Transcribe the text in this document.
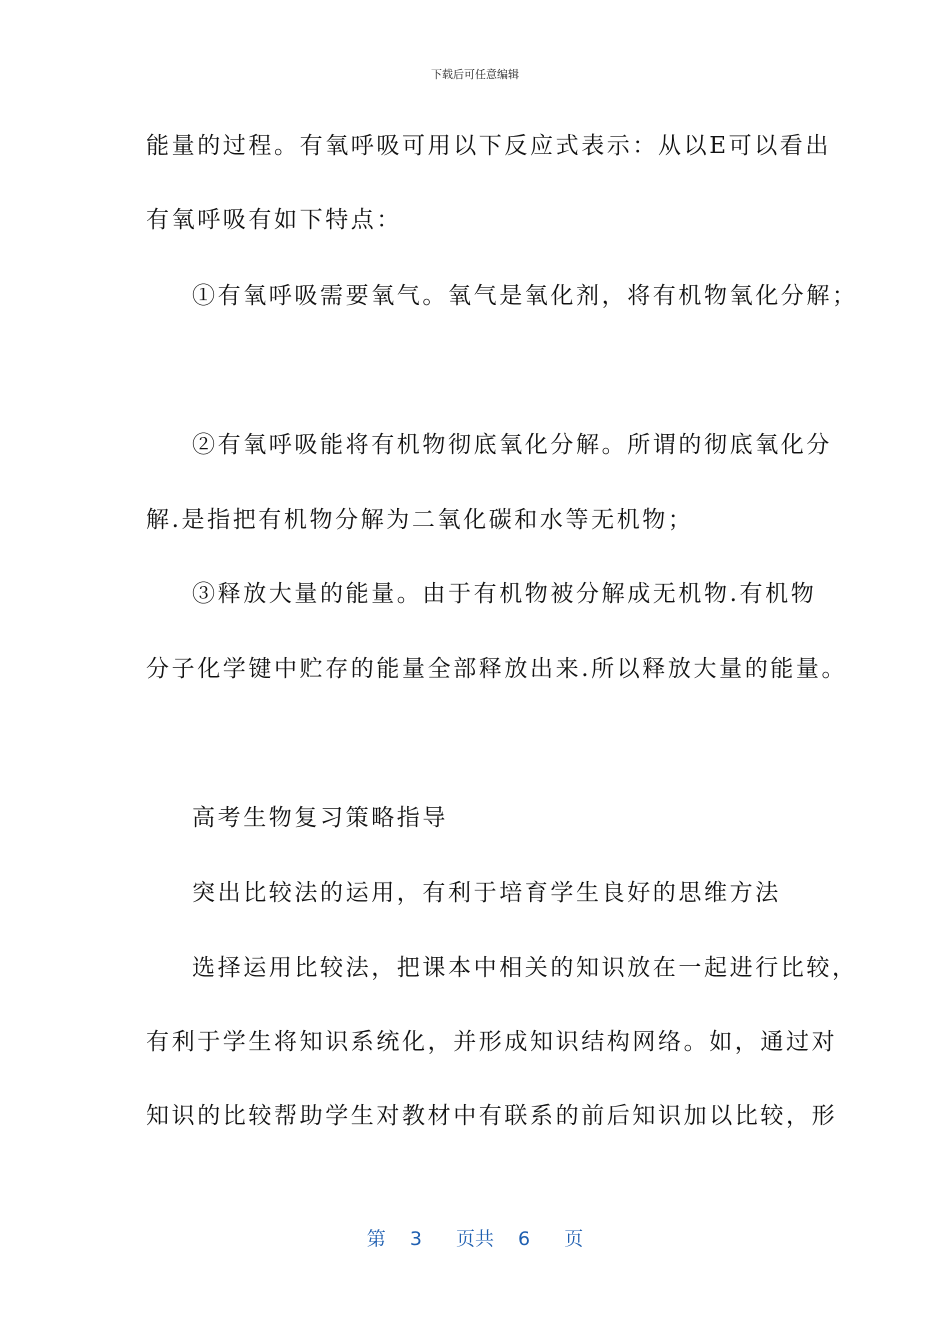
下载后可任意编辑
能量的过程。有氧呼吸可用以下反应式表示：从以E可以看出
有氧呼吸有如下特点：
①有氧呼吸需要氧气。氧气是氧化剂，将有机物氧化分解；
②有氧呼吸能将有机物彻底氧化分解。所谓的彻底氧化分
解.是指把有机物分解为二氧化碳和水等无机物；
③释放大量的能量。由于有机物被分解成无机物.有机物
分子化学键中贮存的能量全部释放出来.所以释放大量的能量。
高考生物复习策略指导
突出比较法的运用，有利于培育学生良好的思维方法
选择运用比较法，把课本中相关的知识放在一起进行比较，
有利于学生将知识系统化，并形成知识结构网络。如，通过对
知识的比较帮助学生对教材中有联系的前后知识加以比较，形
第 3 页共 6 页
